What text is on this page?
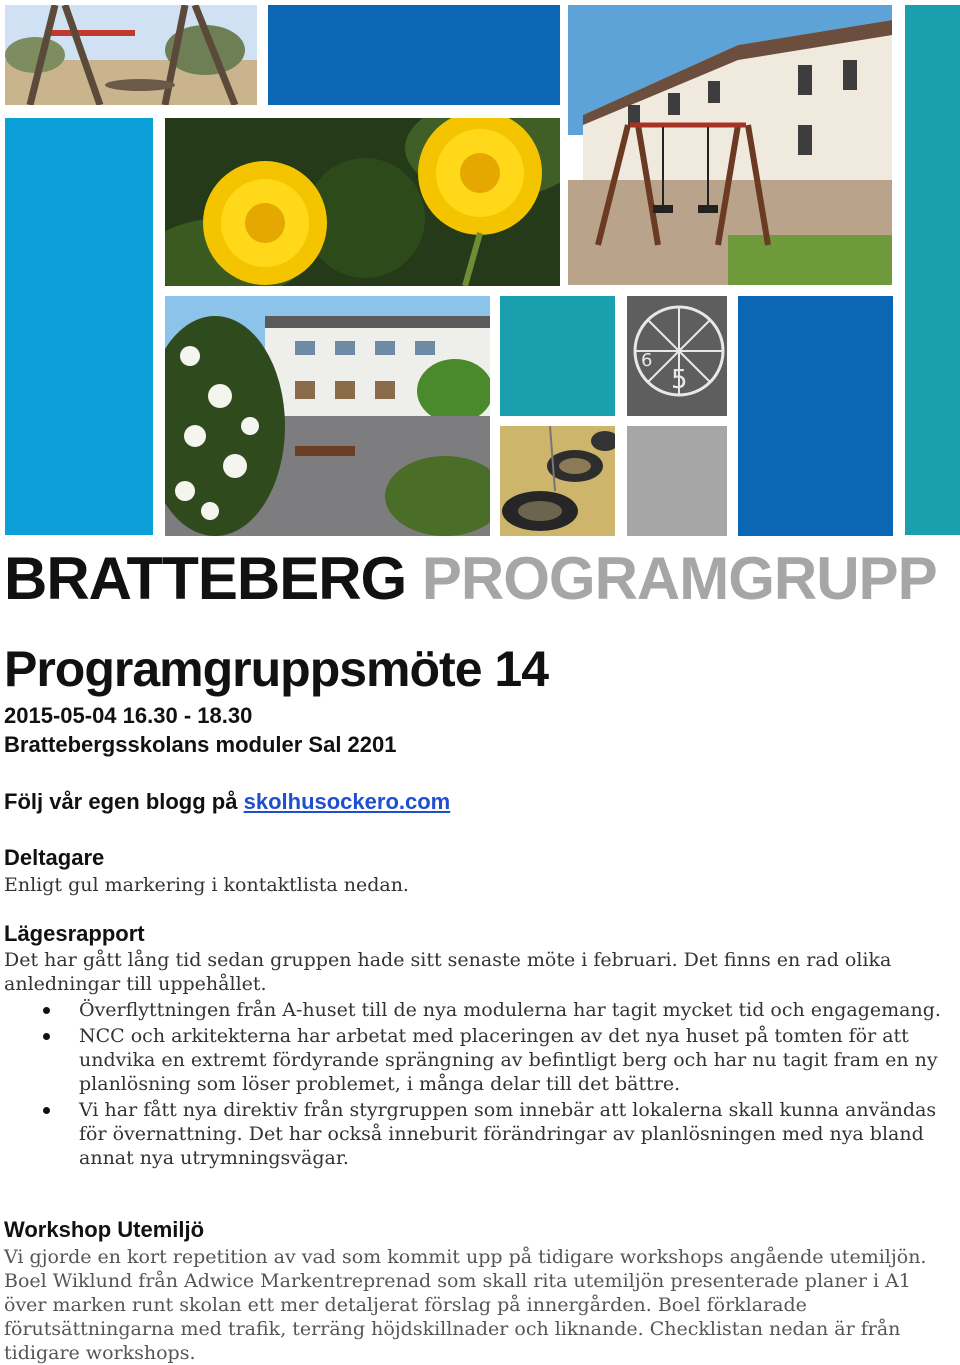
5
6
BRATTEBERG PROGRAMGRUPP
Programgruppsmöte 14

2015-05-04 16.30 - 18.30

Brattebergsskolans moduler Sal 2201

Följ vår egen blogg på skolhusockero.com

Deltagare

Enligt gul markering i kontaktlista nedan.

Lägesrapport

Det har gått lång tid sedan gruppen hade sitt senaste möte i februari. Det finns en rad olika anledningar till uppehållet.

Överflyttningen från A-huset till de nya modulerna har tagit mycket tid och engagemang.
NCC och arkitekterna har arbetat med placeringen av det nya huset på tomten för att undvika en extremt fördyrande sprängning av befintligt berg och har nu tagit fram en ny planlösning som löser problemet, i många delar till det bättre.
Vi har fått nya direktiv från styrgruppen som innebär att lokalerna skall kunna användas för övernattning. Det har också inneburit förändringar av planlösningen med nya bland annat nya utrymningsvägar.
Workshop Utemiljö

Vi gjorde en kort repetition av vad som kommit upp på tidigare workshops angående utemiljön. Boel Wiklund från Adwice Markentreprenad som skall rita utemiljön presenterade planer i A1 över marken runt skolan ett mer detaljerat förslag på innergården. Boel förklarade förutsättningarna med trafik, terräng höjdskillnader och liknande. Checklistan nedan är från tidigare workshops.
